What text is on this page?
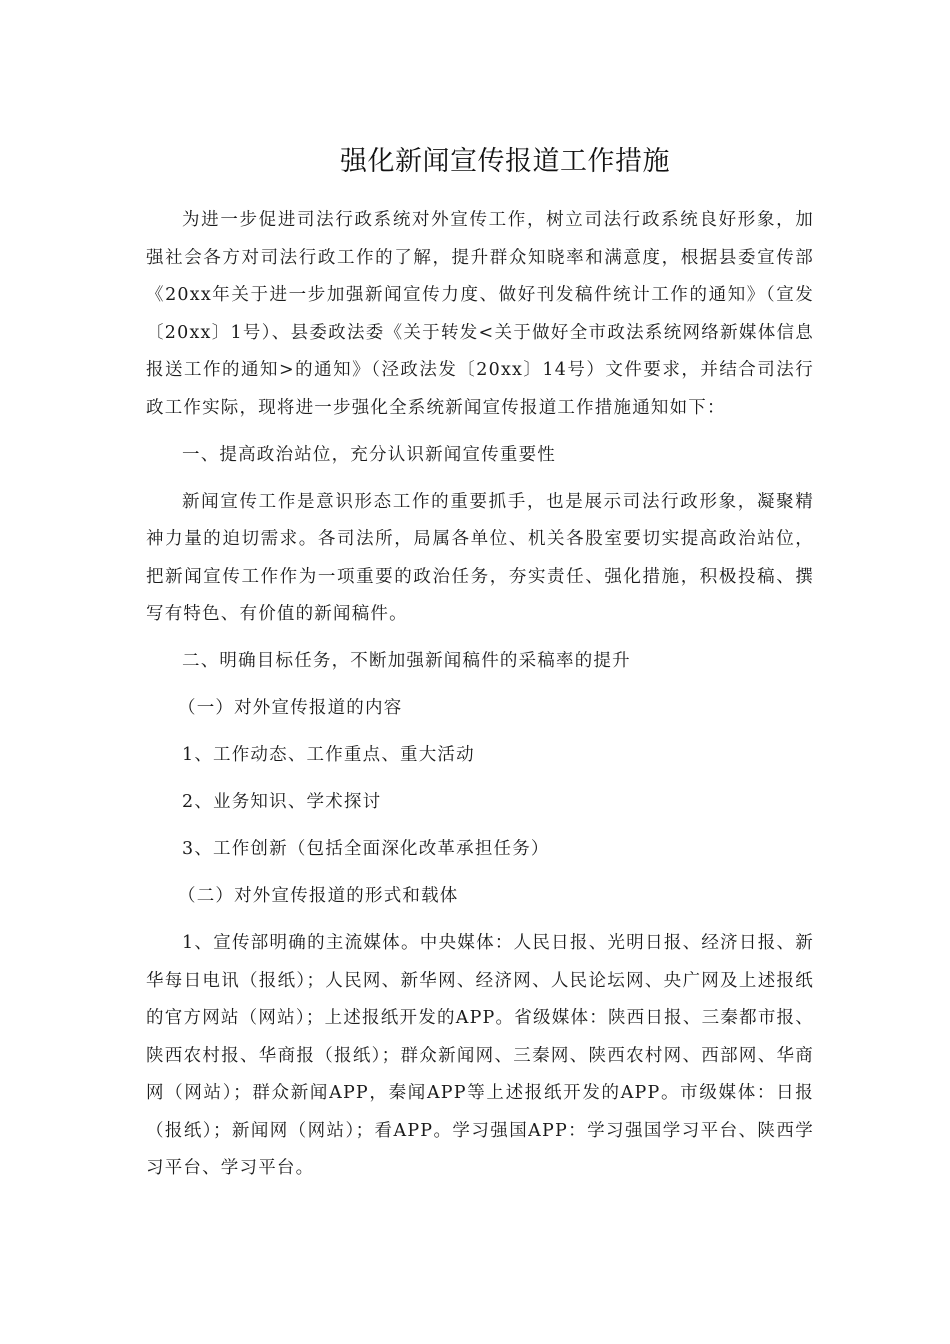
强化新闻宣传报道工作措施

为进一步促进司法行政系统对外宣传工作，树立司法行政系统良好形象，加强社会各方对司法行政工作的了解，提升群众知晓率和满意度，根据县委宣传部《20xx年关于进一步加强新闻宣传力度、做好刊发稿件统计工作的通知》（宣发〔20xx〕1号）、县委政法委《关于转发<关于做好全市政法系统网络新媒体信息报送工作的通知>的通知》（泾政法发〔20xx〕14号）文件要求，并结合司法行政工作实际，现将进一步强化全系统新闻宣传报道工作措施通知如下：

一、提高政治站位，充分认识新闻宣传重要性

新闻宣传工作是意识形态工作的重要抓手，也是展示司法行政形象，凝聚精神力量的迫切需求。各司法所，局属各单位、机关各股室要切实提高政治站位，把新闻宣传工作作为一项重要的政治任务，夯实责任、强化措施，积极投稿、撰写有特色、有价值的新闻稿件。

二、明确目标任务，不断加强新闻稿件的采稿率的提升

（一）对外宣传报道的内容

1、工作动态、工作重点、重大活动

2、业务知识、学术探讨

3、工作创新（包括全面深化改革承担任务）

（二）对外宣传报道的形式和载体

1、宣传部明确的主流媒体。中央媒体：人民日报、光明日报、经济日报、新华每日电讯（报纸）；人民网、新华网、经济网、人民论坛网、央广网及上述报纸的官方网站（网站）；上述报纸开发的APP。省级媒体：陕西日报、三秦都市报、陕西农村报、华商报（报纸）；群众新闻网、三秦网、陕西农村网、西部网、华商网（网站）；群众新闻APP，秦闻APP等上述报纸开发的APP。市级媒体：日报（报纸）；新闻网（网站）；看APP。学习强国APP：学习强国学习平台、陕西学习平台、学习平台。
